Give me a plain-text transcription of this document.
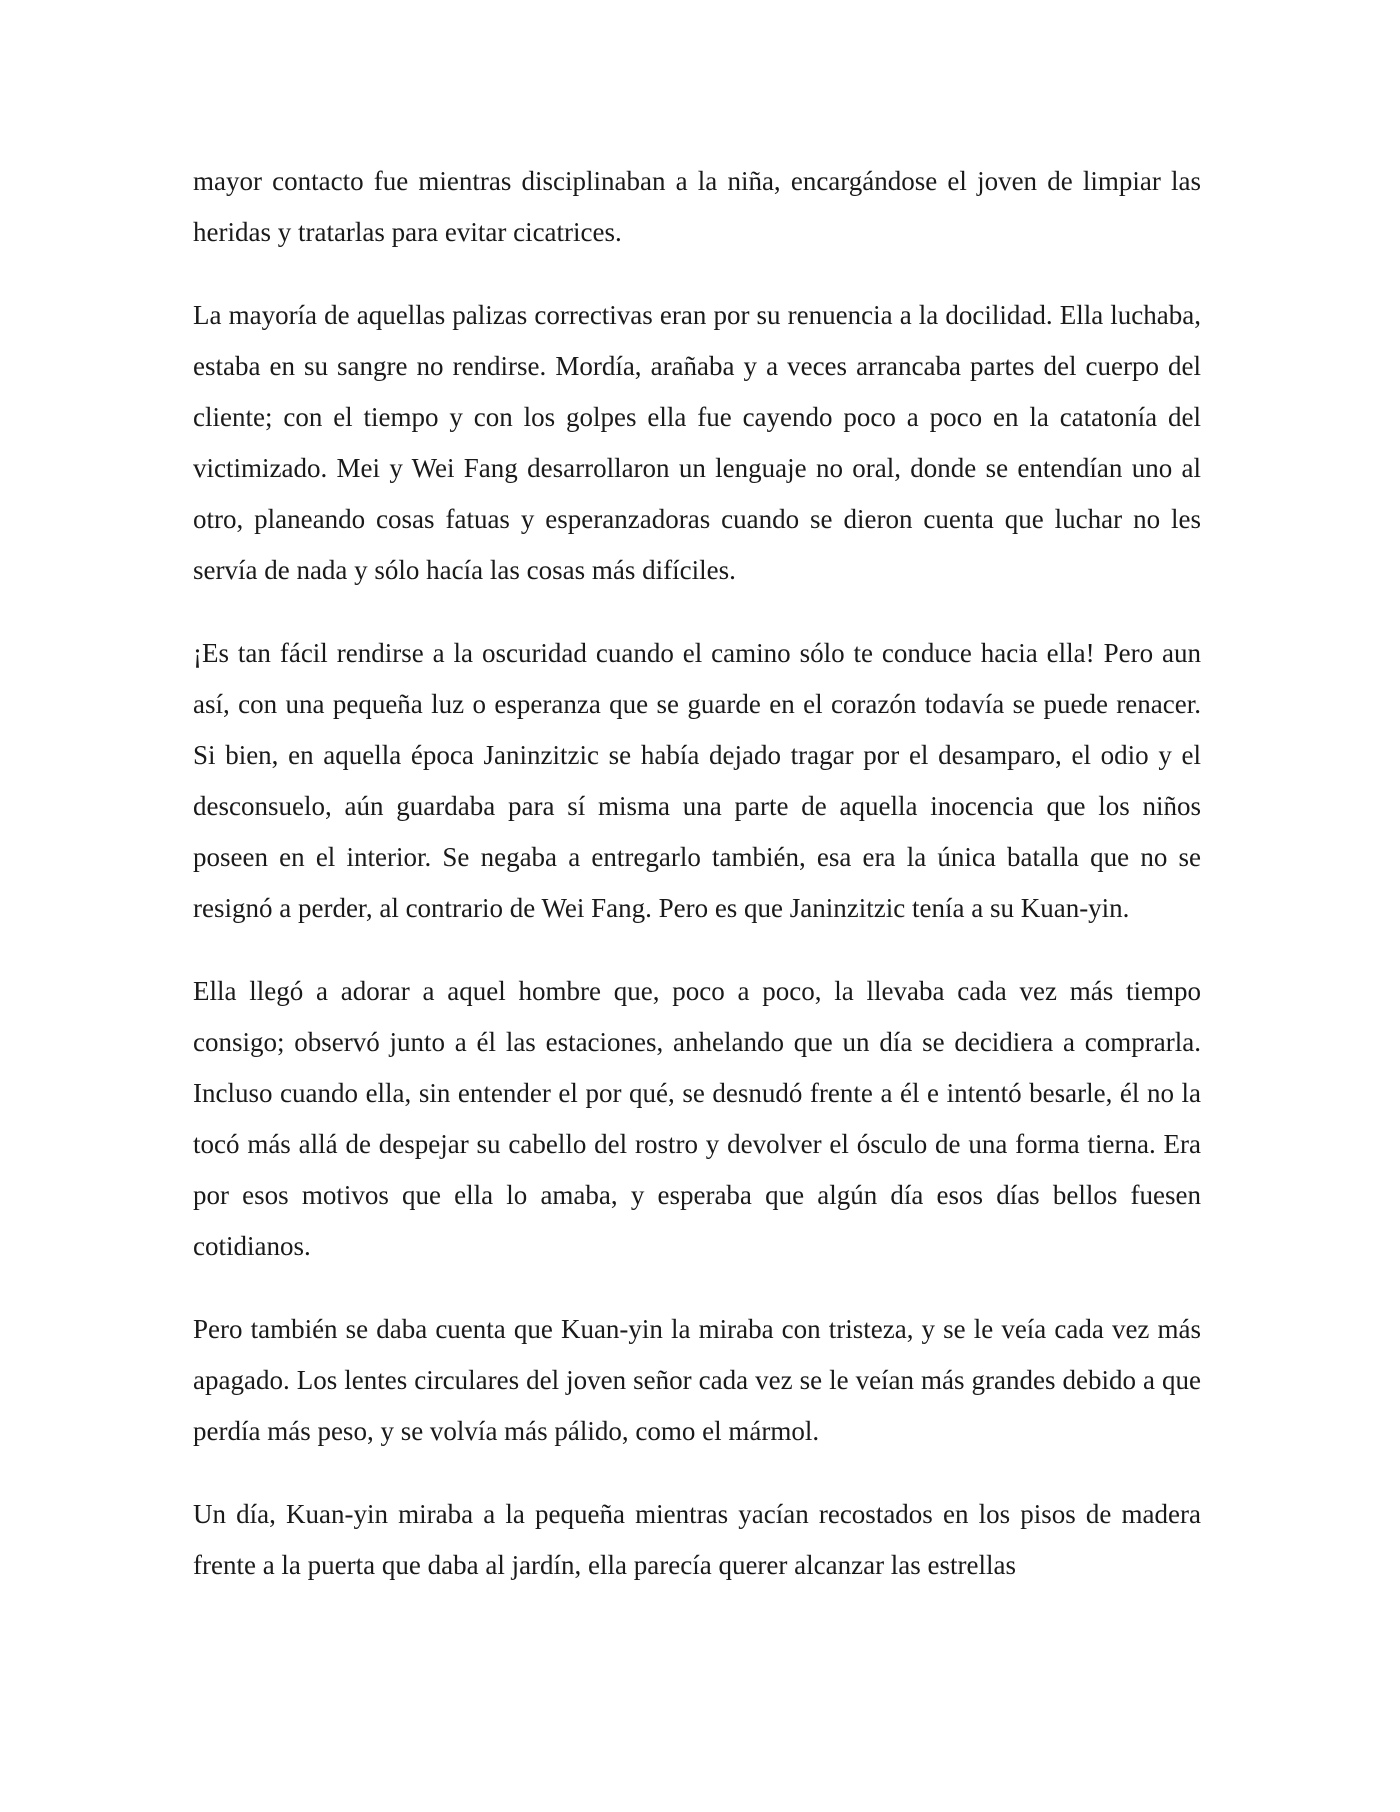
mayor contacto fue mientras disciplinaban a la niña, encargándose el joven de limpiar las heridas y tratarlas para evitar cicatrices.

La mayoría de aquellas palizas correctivas eran por su renuencia a la docilidad. Ella luchaba, estaba en su sangre no rendirse. Mordía, arañaba y a veces arrancaba partes del cuerpo del cliente; con el tiempo y con los golpes ella fue cayendo poco a poco en la catatonía del victimizado. Mei y Wei Fang desarrollaron un lenguaje no oral, donde se entendían uno al otro, planeando cosas fatuas y esperanzadoras cuando se dieron cuenta que luchar no les servía de nada y sólo hacía las cosas más difíciles.

¡Es tan fácil rendirse a la oscuridad cuando el camino sólo te conduce hacia ella! Pero aun así, con una pequeña luz o esperanza que se guarde en el corazón todavía se puede renacer. Si bien, en aquella época Janinzitzic se había dejado tragar por el desamparo, el odio y el desconsuelo, aún guardaba para sí misma una parte de aquella inocencia que los niños poseen en el interior. Se negaba a entregarlo también, esa era la única batalla que no se resignó a perder, al contrario de Wei Fang. Pero es que Janinzitzic tenía a su Kuan-yin.

Ella llegó a adorar a aquel hombre que, poco a poco, la llevaba cada vez más tiempo consigo; observó junto a él las estaciones, anhelando que un día se decidiera a comprarla. Incluso cuando ella, sin entender el por qué, se desnudó frente a él e intentó besarle, él no la tocó más allá de despejar su cabello del rostro y devolver el ósculo de una forma tierna. Era por esos motivos que ella lo amaba, y esperaba que algún día esos días bellos fuesen cotidianos.

Pero también se daba cuenta que Kuan-yin la miraba con tristeza, y se le veía cada vez más apagado. Los lentes circulares del joven señor cada vez se le veían más grandes debido a que perdía más peso, y se volvía más pálido, como el mármol.

Un día, Kuan-yin miraba a la pequeña mientras yacían recostados en los pisos de madera frente a la puerta que daba al jardín, ella parecía querer alcanzar las estrellas
